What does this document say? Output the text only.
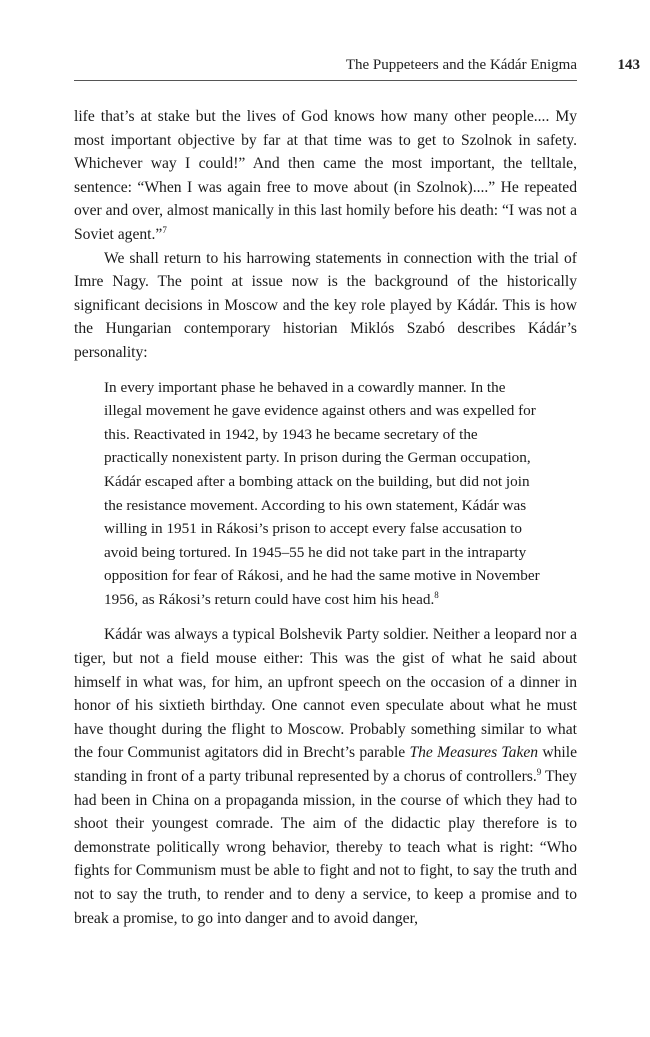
The Puppeteers and the Kádár Enigma	143

life that’s at stake but the lives of God knows how many other people.... My most important objective by far at that time was to get to Szolnok in safety. Whichever way I could!” And then came the most important, the telltale, sentence: “When I was again free to move about (in Szolnok)....” He repeated over and over, almost manically in this last homily before his death: “I was not a Soviet agent.”$^7$

We shall return to his harrowing statements in connection with the trial of Imre Nagy. The point at issue now is the background of the historically significant decisions in Moscow and the key role played by Kádár. This is how the Hungarian contemporary historian Miklós Szabó describes Kádár’s personality:

In every important phase he behaved in a cowardly manner. In the illegal movement he gave evidence against others and was expelled for this. Reactivated in 1942, by 1943 he became secretary of the practically nonexistent party. In prison during the German occupation, Kádár escaped after a bombing attack on the building, but did not join the resistance movement. According to his own statement, Kádár was willing in 1951 in Rákosi’s prison to accept every false accusation to avoid being tortured. In 1945–55 he did not take part in the intraparty opposition for fear of Rákosi, and he had the same motive in November 1956, as Rákosi’s return could have cost him his head.$^8$

Kádár was always a typical Bolshevik Party soldier. Neither a leopard nor a tiger, but not a field mouse either: This was the gist of what he said about himself in what was, for him, an upfront speech on the occasion of a dinner in honor of his sixtieth birthday. One cannot even speculate about what he must have thought during the flight to Moscow. Probably something similar to what the four Communist agitators did in Brecht’s parable The Measures Taken while standing in front of a party tribunal represented by a chorus of controllers.$^9$ They had been in China on a propaganda mission, in the course of which they had to shoot their youngest comrade. The aim of the didactic play therefore is to demonstrate politically wrong behavior, thereby to teach what is right: “Who fights for Communism must be able to fight and not to fight, to say the truth and not to say the truth, to render and to deny a service, to keep a promise and to break a promise, to go into danger and to avoid danger,
